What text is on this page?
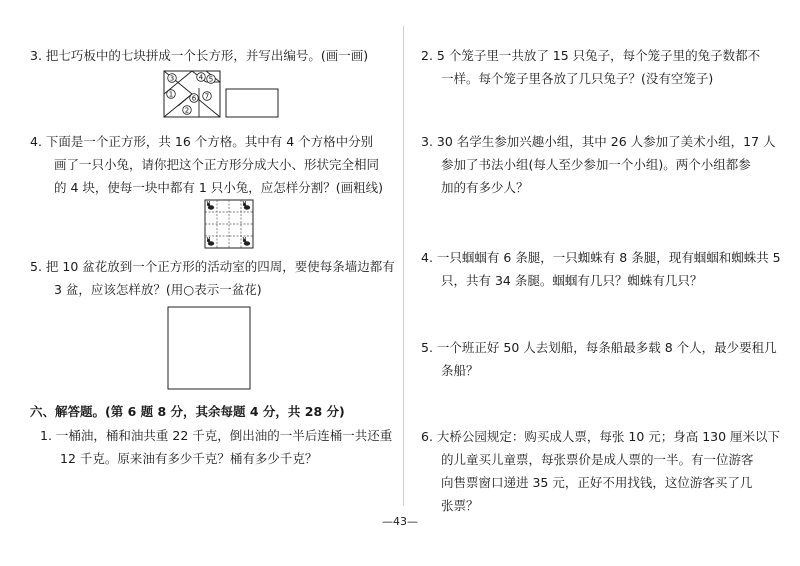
3. 把七巧板中的七块拼成一个长方形，并写出编号。(画一画)
3	4 5
1	6 7
2
4. 下面是一个正方形，共 16 个方格。其中有 4 个方格中分别
画了一只小兔，请你把这个正方形分成大小、形状完全相同
的 4 块，使每一块中都有 1 只小兔，应怎样分割？(画粗线)
5. 把 10 盆花放到一个正方形的活动室的四周，要使每条墙边都有
3 盆，应该怎样放？(用○表示一盆花)
六、解答题。(第 6 题 8 分，其余每题 4 分，共 28 分)
1. 一桶油，桶和油共重 22 千克，倒出油的一半后连桶一共还重
12 千克。原来油有多少千克？桶有多少千克？
2. 5 个笼子里一共放了 15 只兔子，每个笼子里的兔子数都不
一样。每个笼子里各放了几只兔子？(没有空笼子)
3. 30 名学生参加兴趣小组，其中 26 人参加了美术小组，17 人
参加了书法小组(每人至少参加一个小组)。两个小组都参
加的有多少人？
4. 一只蝈蝈有 6 条腿，一只蜘蛛有 8 条腿，现有蝈蝈和蜘蛛共 5
只，共有 34 条腿。蝈蝈有几只？蜘蛛有几只？
5. 一个班正好 50 人去划船，每条船最多载 8 个人，最少要租几
条船？
6. 大桥公园规定：购买成人票，每张 10 元；身高 130 厘米以下
的儿童买儿童票，每张票价是成人票的一半。有一位游客
向售票窗口递进 35 元，正好不用找钱，这位游客买了几
张票？
—43—
